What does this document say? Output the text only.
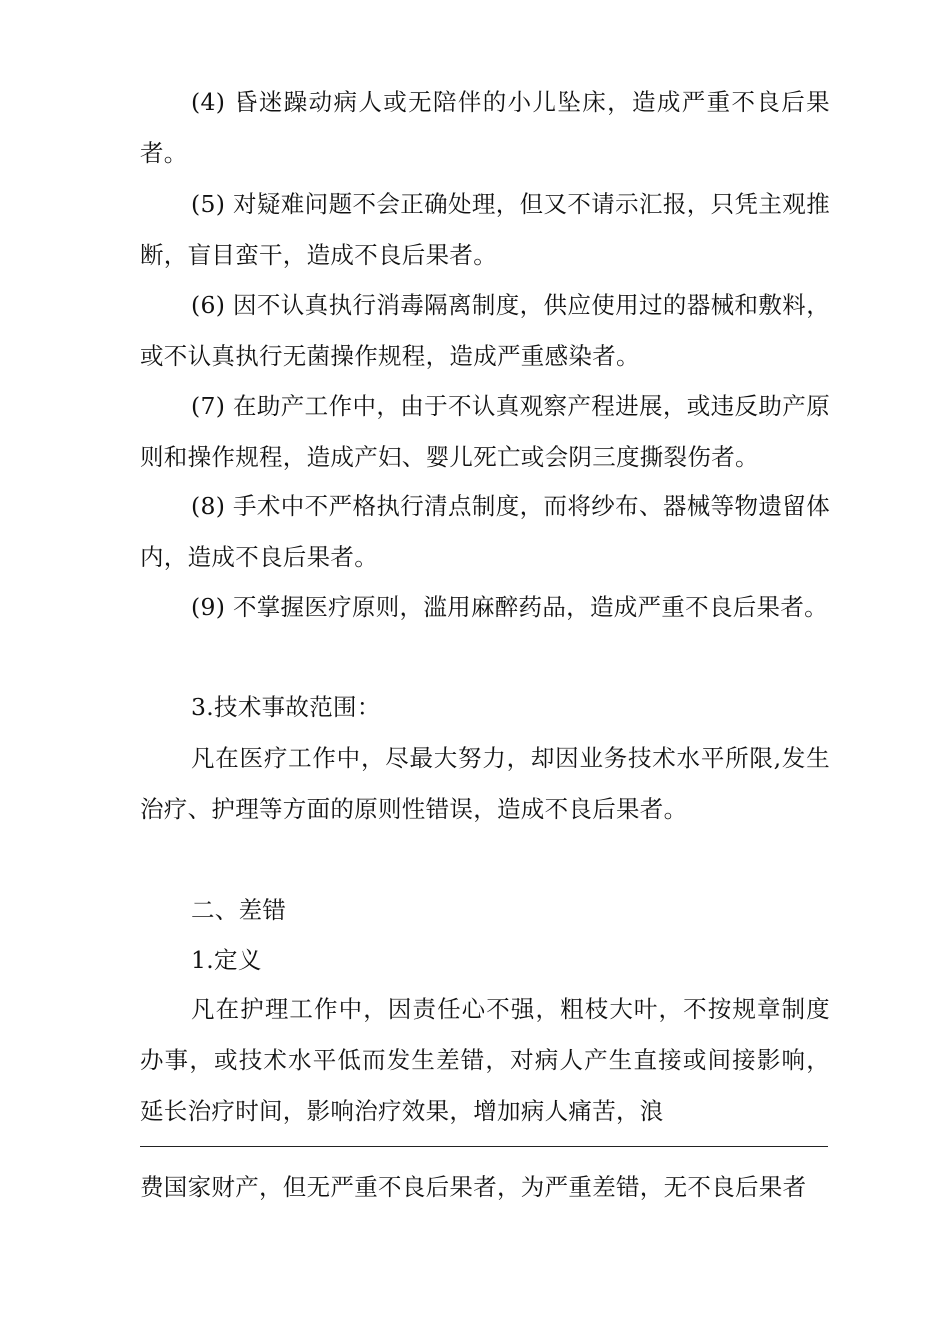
(4) 昏迷躁动病人或无陪伴的小儿坠床，造成严重不良后果者。

(5) 对疑难问题不会正确处理，但又不请示汇报，只凭主观推断，盲目蛮干，造成不良后果者。

(6) 因不认真执行消毒隔离制度，供应使用过的器械和敷料，或不认真执行无菌操作规程，造成严重感染者。

(7) 在助产工作中，由于不认真观察产程进展，或违反助产原则和操作规程，造成产妇、婴儿死亡或会阴三度撕裂伤者。

(8) 手术中不严格执行清点制度，而将纱布、器械等物遗留体内，造成不良后果者。

(9) 不掌握医疗原则，滥用麻醉药品，造成严重不良后果者。

3.技术事故范围：

凡在医疗工作中，尽最大努力，却因业务技术水平所限,发生治疗、护理等方面的原则性错误，造成不良后果者。

二、差错

1.定义

凡在护理工作中，因责任心不强，粗枝大叶，不按规章制度办事，或技术水平低而发生差错，对病人产生直接或间接影响，延长治疗时间，影响治疗效果，增加病人痛苦，浪

费国家财产，但无严重不良后果者，为严重差错，无不良后果者
